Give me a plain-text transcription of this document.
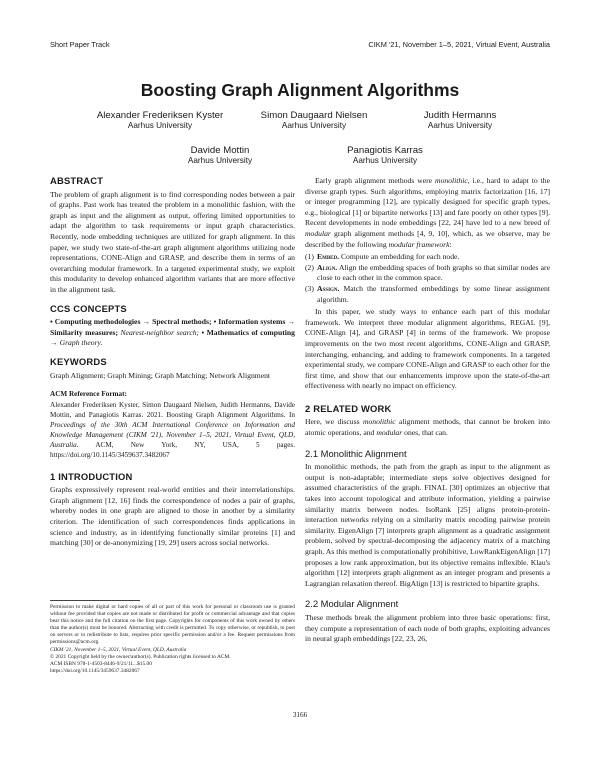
Short Paper Track	CIKM '21, November 1–5, 2021, Virtual Event, Australia
Boosting Graph Alignment Algorithms
Alexander Frederiksen Kyster
Aarhus University
Simon Daugaard Nielsen
Aarhus University
Judith Hermanns
Aarhus University
Davide Mottin
Aarhus University
Panagiotis Karras
Aarhus University
ABSTRACT

The problem of graph alignment is to find corresponding nodes between a pair of graphs. Past work has treated the problem in a monolithic fashion, with the graph as input and the alignment as output, offering limited opportunities to adapt the algorithm to task requirements or input graph characteristics. Recently, node embedding techniques are utilized for graph alignment. In this paper, we study two state-of-the-art graph alignment algorithms utilizing node representations, CONE-Align and GRASP, and describe them in terms of an overarching modular framework. In a targeted experimental study, we exploit this modularity to develop enhanced algorithm variants that are more effective in the alignment task.

CCS CONCEPTS

• Computing methodologies → Spectral methods; • Information systems → Similarity measures; Nearest-neighbor search; • Mathematics of computing → Graph theory.

KEYWORDS

Graph Alignment; Graph Mining; Graph Matching; Network Alignment

ACM Reference Format:

Alexander Frederiksen Kyster, Simon Daugaard Nielsen, Judith Hermanns, Davide Mottin, and Panagiotis Karras. 2021. Boosting Graph Alignment Algorithms. In Proceedings of the 30th ACM International Conference on Information and Knowledge Management (CIKM '21), November 1–5, 2021, Virtual Event, QLD, Australia. ACM, New York, NY, USA, 5 pages. https://doi.org/10.1145/3459637.3482067

1 INTRODUCTION

Graphs expressively represent real-world entities and their interrelationships. Graph alignment [12, 16] finds the correspondence of nodes a pair of graphs, whereby nodes in one graph are aligned to those in another by a similarity criterion. The identification of such correspondences finds applications in science and industry, as in identifying functionally similar proteins [1] and matching [30] or de-anonymizing [19, 29] users across social networks.

Permission to make digital or hard copies of all or part of this work for personal or classroom use is granted without fee provided that copies are not made or distributed for profit or commercial advantage and that copies bear this notice and the full citation on the first page. Copyrights for components of this work owned by others than the author(s) must be honored. Abstracting with credit is permitted. To copy otherwise, or republish, to post on servers or to redistribute to lists, requires prior specific permission and/or a fee. Request permissions from permissions@acm.org.

CIKM '21, November 1–5, 2021, Virtual Event, QLD, Australia

© 2021 Copyright held by the owner/author(s). Publication rights licensed to ACM.

ACM ISBN 978-1-4503-8446-9/21/11...$15.00

https://doi.org/10.1145/3459637.3482067

Early graph alignment methods were monolithic, i.e., hard to adapt to the diverse graph types. Such algorithms, employing matrix factorization [16, 17] or integer programming [12], are typically designed for specific graph types, e.g., biological [1] or bipartite networks [13] and fare poorly on other types [9]. Recent developments in node embeddings [22, 24] have led to a new breed of modular graph alignment methods [4, 9, 10], which, as we observe, may be described by the following modular framework:

(1) Embed. Compute an embedding for each node.
(2) Align. Align the embedding spaces of both graphs so that similar nodes are close to each other in the common space.
(3) Assign. Match the transformed embeddings by some linear assignment algorithm.

In this paper, we study ways to enhance each part of this modular framework. We interpret three modular alignment algorithms, REGAL [9], CONE-Align [4], and GRASP [4] in terms of the framework. We propose improvements on the two most recent algorithms, CONE-Align and GRASP, interchanging, enhancing, and adding to framework components. In a targeted experimental study, we compare CONE-Align and GRASP to each other for the first time, and show that our enhancements improve upon the state-of-the-art effectiveness with nearly no impact on efficiency.

2 RELATED WORK

Here, we discuss monolithic alignment methods, that cannot be broken into atomic operations, and modular ones, that can.

2.1 Monolithic Alignment

In monolithic methods, the path from the graph as input to the alignment as output is non-adaptable; intermediate steps solve objectives designed for assumed characteristics of the graph. FINAL [30] optimizes an objective that takes into account topological and attribute information, yielding a pairwise similarity matrix between nodes. IsoRank [25] aligns protein-protein-interaction networks relying on a similarity matrix encoding pairwise protein similarity. EigenAlign [7] interprets graph alignment as a quadratic assignment problem, solved by spectral-decomposing the adjacency matrix of a matching graph. As this method is computationally prohibitive, LowRankEigenAlign [17] proposes a low rank approximation, but its objective remains inflexible. Klau's algorithm [12] interprets graph alignment as an integer program and presents a Lagrangian relaxation thereof. BigAlign [13] is restricted to bipartite graphs.

2.2 Modular Alignment

These methods break the alignment problem into three basic operations: first, they compute a representation of each node of both graphs, exploiting advances in neural graph embeddings [22, 23, 26,

3166
